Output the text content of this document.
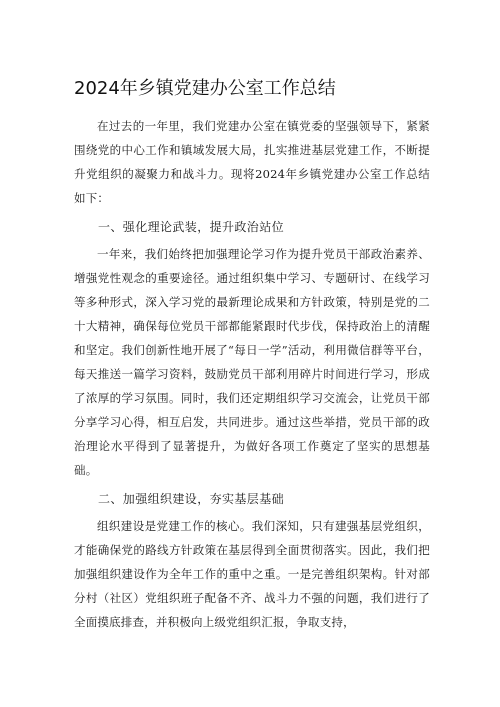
2024年乡镇党建办公室工作总结

在过去的一年里，我们党建办公室在镇党委的坚强领导下，紧紧围绕党的中心工作和镇域发展大局，扎实推进基层党建工作，不断提升党组织的凝聚力和战斗力。现将2024年乡镇党建办公室工作总结如下：

一、强化理论武装，提升政治站位

一年来，我们始终把加强理论学习作为提升党员干部政治素养、增强党性观念的重要途径。通过组织集中学习、专题研讨、在线学习等多种形式，深入学习党的最新理论成果和方针政策，特别是党的二十大精神，确保每位党员干部都能紧跟时代步伐，保持政治上的清醒和坚定。我们创新性地开展了“每日一学”活动，利用微信群等平台，每天推送一篇学习资料，鼓励党员干部利用碎片时间进行学习，形成了浓厚的学习氛围。同时，我们还定期组织学习交流会，让党员干部分享学习心得，相互启发，共同进步。通过这些举措，党员干部的政治理论水平得到了显著提升，为做好各项工作奠定了坚实的思想基础。

二、加强组织建设，夯实基层基础

组织建设是党建工作的核心。我们深知，只有建强基层党组织，才能确保党的路线方针政策在基层得到全面贯彻落实。因此，我们把加强组织建设作为全年工作的重中之重。一是完善组织架构。针对部分村（社区）党组织班子配备不齐、战斗力不强的问题，我们进行了全面摸底排查，并积极向上级党组织汇报，争取支持，
